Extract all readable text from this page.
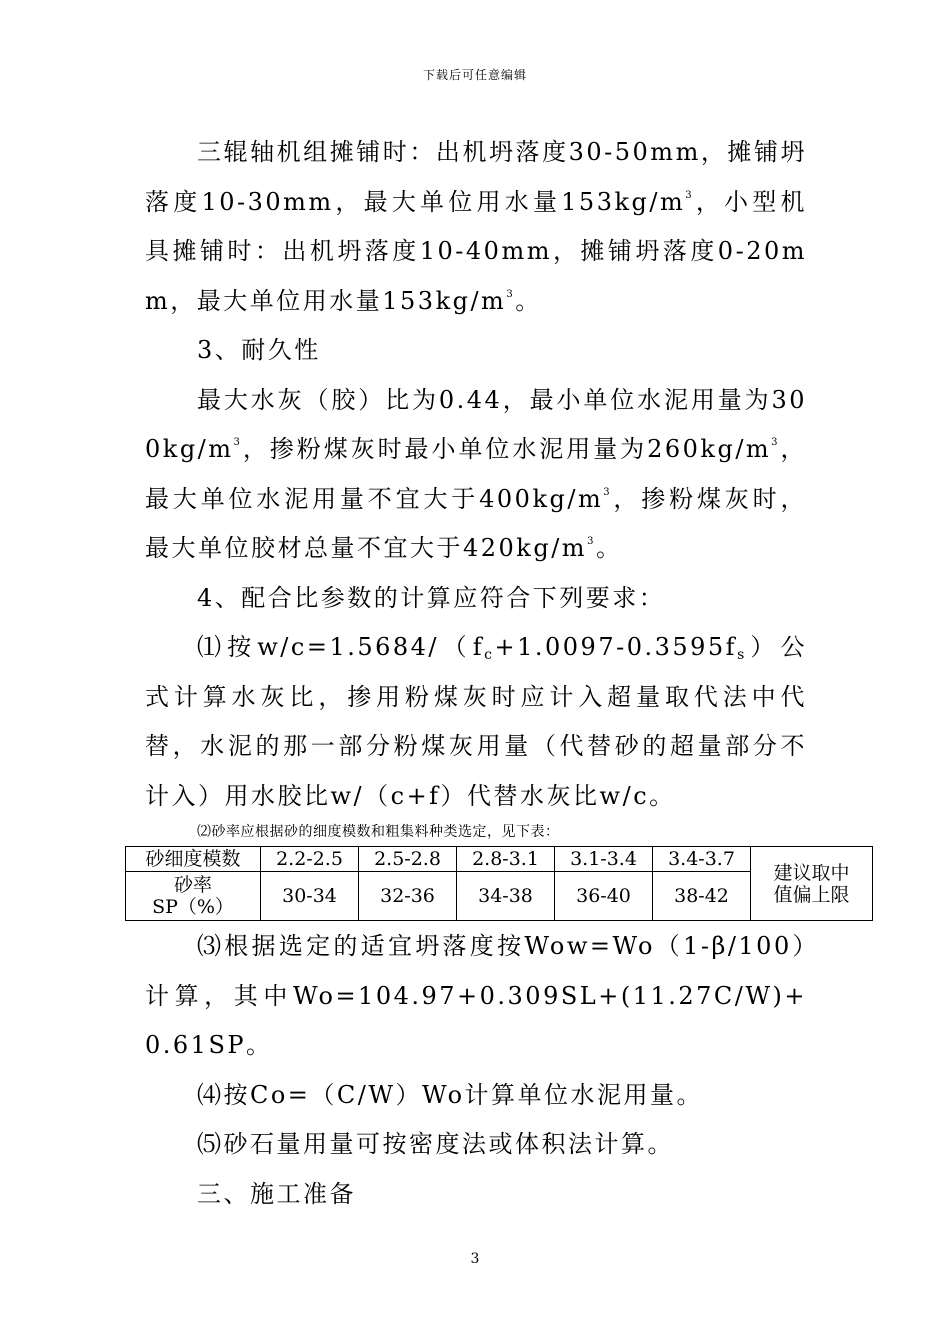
下载后可任意编辑

三辊轴机组摊铺时：出机坍落度30-50mm，摊铺坍落度10-30mm，最大单位用水量$153kg/m^3$，小型机具摊铺时：出机坍落度10-40mm，摊铺坍落度0-20mm，最大单位用水量$153kg/m^3$。

3、耐久性

最大水灰（胶）比为0.44，最小单位水泥用量为$300kg/m^3$，掺粉煤灰时最小单位水泥用量为$260kg/m^3$，最大单位水泥用量不宜大于$400kg/m^3$，掺粉煤灰时，最大单位胶材总量不宜大于$420kg/m^3$。

4、配合比参数的计算应符合下列要求：

⑴按$w/c=1.5684/(f_c+1.0097-0.3595f_s)$公式计算水灰比，掺用粉煤灰时应计入超量取代法中代替，水泥的那一部分粉煤灰用量（代替砂的超量部分不计入）用水胶比w/（c+f）代替水灰比w/c。

⑵砂率应根据砂的细度模数和粗集料种类选定，见下表：
砂细度模数	2.2-2.5	2.5-2.8	2.8-3.1	3.1-3.4	3.4-3.7	建议取中
值偏上限

砂率
SP（%）	30-34	32-36	34-38	36-40	38-42	

⑶根据选定的适宜坍落度按Wow=Wo（1-β/100）计算，其中Wo=104.97+0.309SL+(11.27C/W)+0.61SP。

⑷按Co=（C/W）Wo计算单位水泥用量。

⑸砂石量用量可按密度法或体积法计算。

三、施工准备

3
